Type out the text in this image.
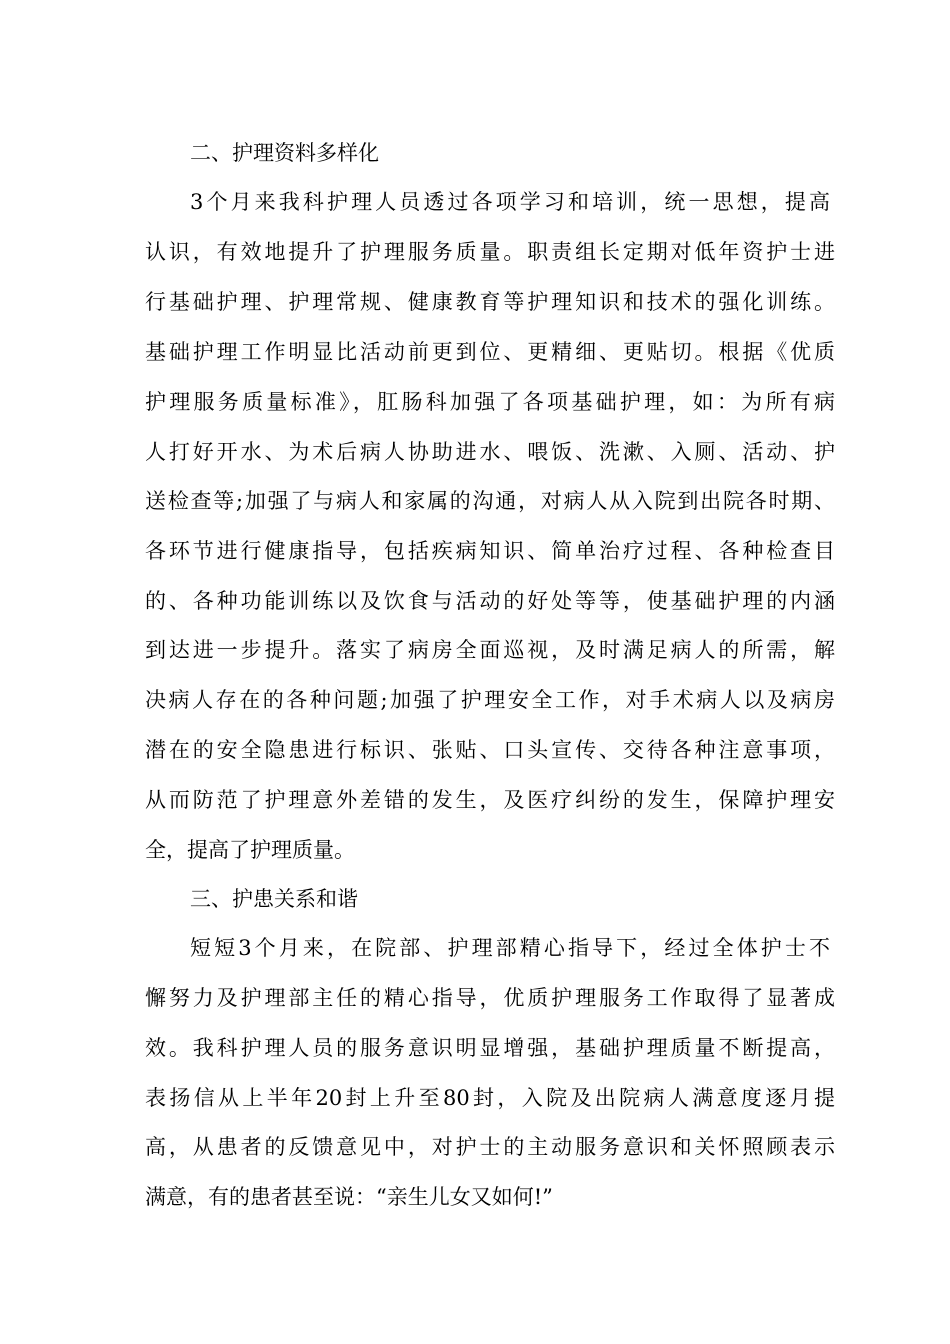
二、护理资料多样化
3个月来我科护理人员透过各项学习和培训，统一思想，提高
认识，有效地提升了护理服务质量。职责组长定期对低年资护士进
行基础护理、护理常规、健康教育等护理知识和技术的强化训练。
基础护理工作明显比活动前更到位、更精细、更贴切。根据《优质
护理服务质量标准》，肛肠科加强了各项基础护理，如：为所有病
人打好开水、为术后病人协助进水、喂饭、洗漱、入厕、活动、护
送检查等;加强了与病人和家属的沟通，对病人从入院到出院各时期、
各环节进行健康指导，包括疾病知识、简单治疗过程、各种检查目
的、各种功能训练以及饮食与活动的好处等等，使基础护理的内涵
到达进一步提升。落实了病房全面巡视，及时满足病人的所需，解
决病人存在的各种问题;加强了护理安全工作，对手术病人以及病房
潜在的安全隐患进行标识、张贴、口头宣传、交待各种注意事项，
从而防范了护理意外差错的发生，及医疗纠纷的发生，保障护理安
全，提高了护理质量。
三、护患关系和谐
短短3个月来，在院部、护理部精心指导下，经过全体护士不
懈努力及护理部主任的精心指导，优质护理服务工作取得了显著成
效。我科护理人员的服务意识明显增强，基础护理质量不断提高，
表扬信从上半年20封上升至80封，入院及出院病人满意度逐月提
高，从患者的反馈意见中，对护士的主动服务意识和关怀照顾表示
满意，有的患者甚至说：“亲生儿女又如何!”
